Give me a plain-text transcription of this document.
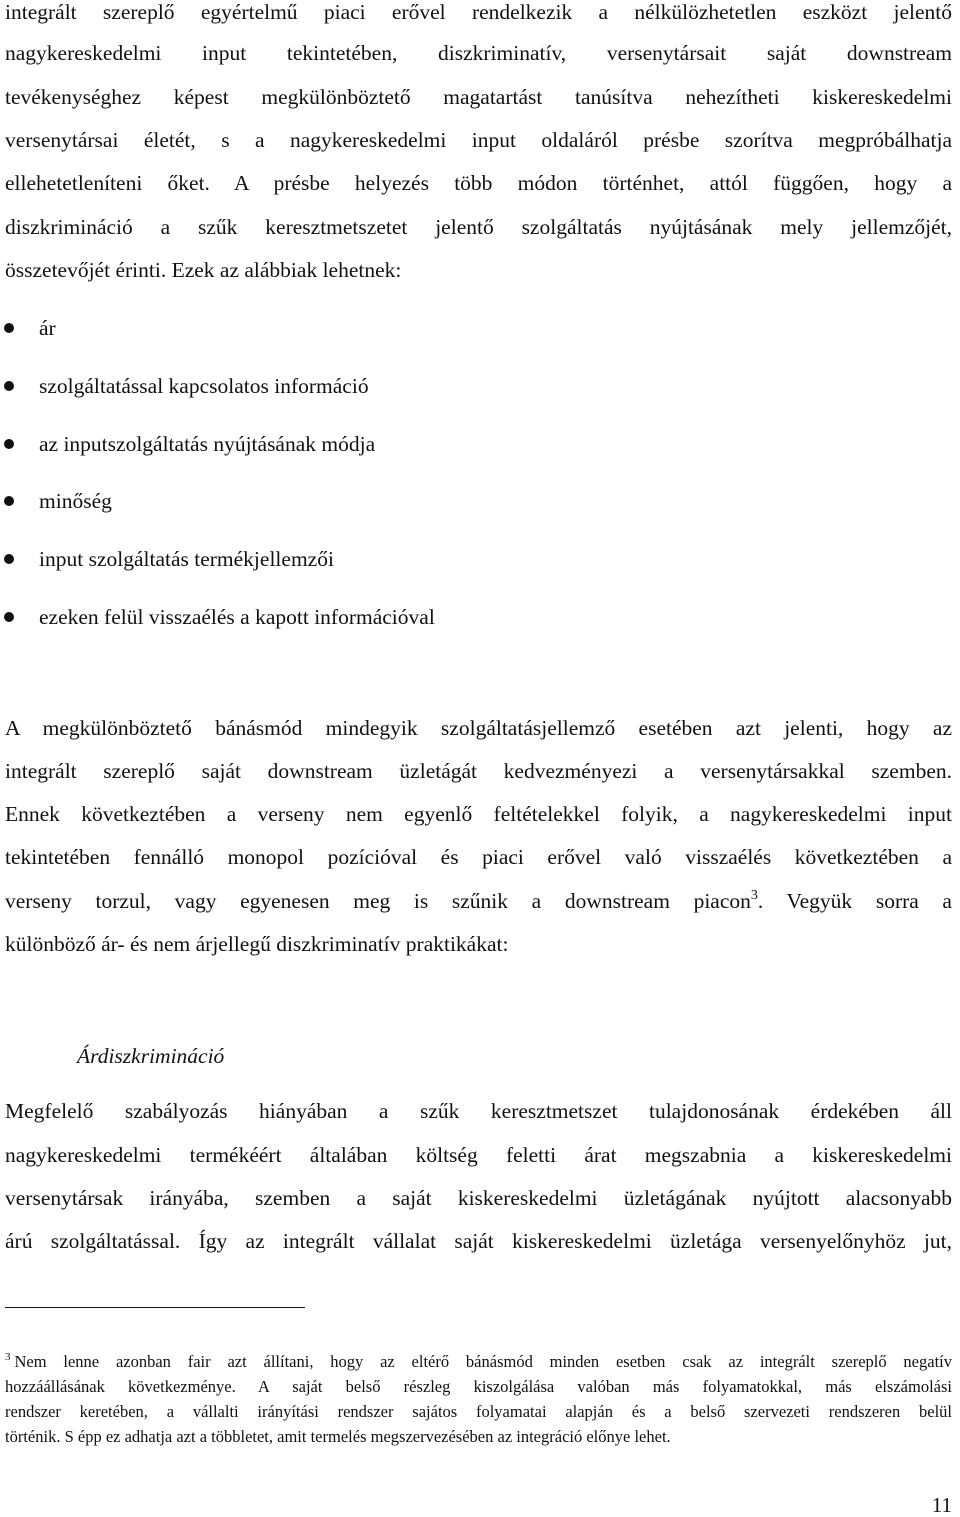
integrált szereplő egyértelmű piaci erővel rendelkezik a nélkülözhetetlen eszközt jelentő
nagykereskedelmi input tekintetében, diszkriminatív, versenytársait saját downstream
tevékenységhez képest megkülönböztető magatartást tanúsítva nehezítheti kiskereskedelmi
versenytársai életét, s a nagykereskedelmi input oldaláról présbe szorítva megpróbálhatja
ellehetetleníteni őket. A présbe helyezés több módon történhet, attól függően, hogy a
diszkrimináció a szűk keresztmetszetet jelentő szolgáltatás nyújtásának mely jellemzőjét,
összetevőjét érinti. Ezek az alábbiak lehetnek:
ár
szolgáltatással kapcsolatos információ
az inputszolgáltatás nyújtásának módja
minőség
input szolgáltatás termékjellemzői
ezeken felül visszaélés a kapott információval
A megkülönböztető bánásmód mindegyik szolgáltatásjellemző esetében azt jelenti, hogy az
integrált szereplő saját downstream üzletágát kedvezményezi a versenytársakkal szemben.
Ennek következtében a verseny nem egyenlő feltételekkel folyik, a nagykereskedelmi input
tekintetében fennálló monopol pozícióval és piaci erővel való visszaélés következtében a
verseny torzul, vagy egyenesen meg is szűnik a downstream piacon$^3$. Vegyük sorra a
különböző ár- és nem árjellegű diszkriminatív praktikákat:
Árdiszkrimináció
Megfelelő szabályozás hiányában a szűk keresztmetszet tulajdonosának érdekében áll
nagykereskedelmi termékéért általában költség feletti árat megszabnia a kiskereskedelmi
versenytársak irányába, szemben a saját kiskereskedelmi üzletágának nyújtott alacsonyabb
árú szolgáltatással. Így az integrált vállalat saját kiskereskedelmi üzletága versenyelőnyhöz jut,
$^3$ Nem lenne azonban fair azt állítani, hogy az eltérő bánásmód minden esetben csak az integrált szereplő negatív
hozzáállásának következménye. A saját belső részleg kiszolgálása valóban más folyamatokkal, más elszámolási
rendszer keretében, a vállalti irányítási rendszer sajátos folyamatai alapján és a belső szervezeti rendszeren belül
történik. S épp ez adhatja azt a többletet, amit termelés megszervezésében az integráció előnye lehet.
11
